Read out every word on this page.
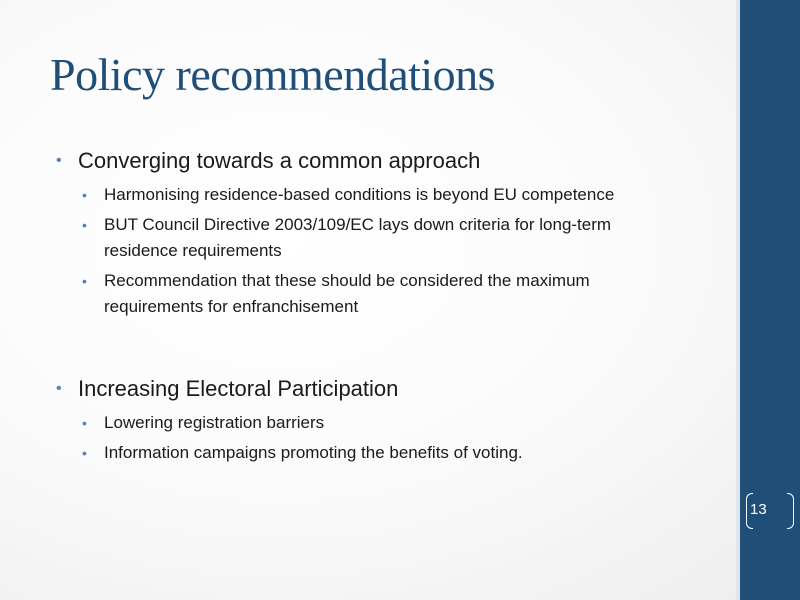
Policy recommendations
• Converging towards a common approach
• Harmonising residence-based conditions is beyond EU competence
• BUT Council Directive 2003/109/EC lays down criteria for long-term residence requirements
• Recommendation that these should be considered the maximum requirements for enfranchisement
• Increasing Electoral Participation
• Lowering registration barriers
• Information campaigns promoting the benefits of voting.
13
